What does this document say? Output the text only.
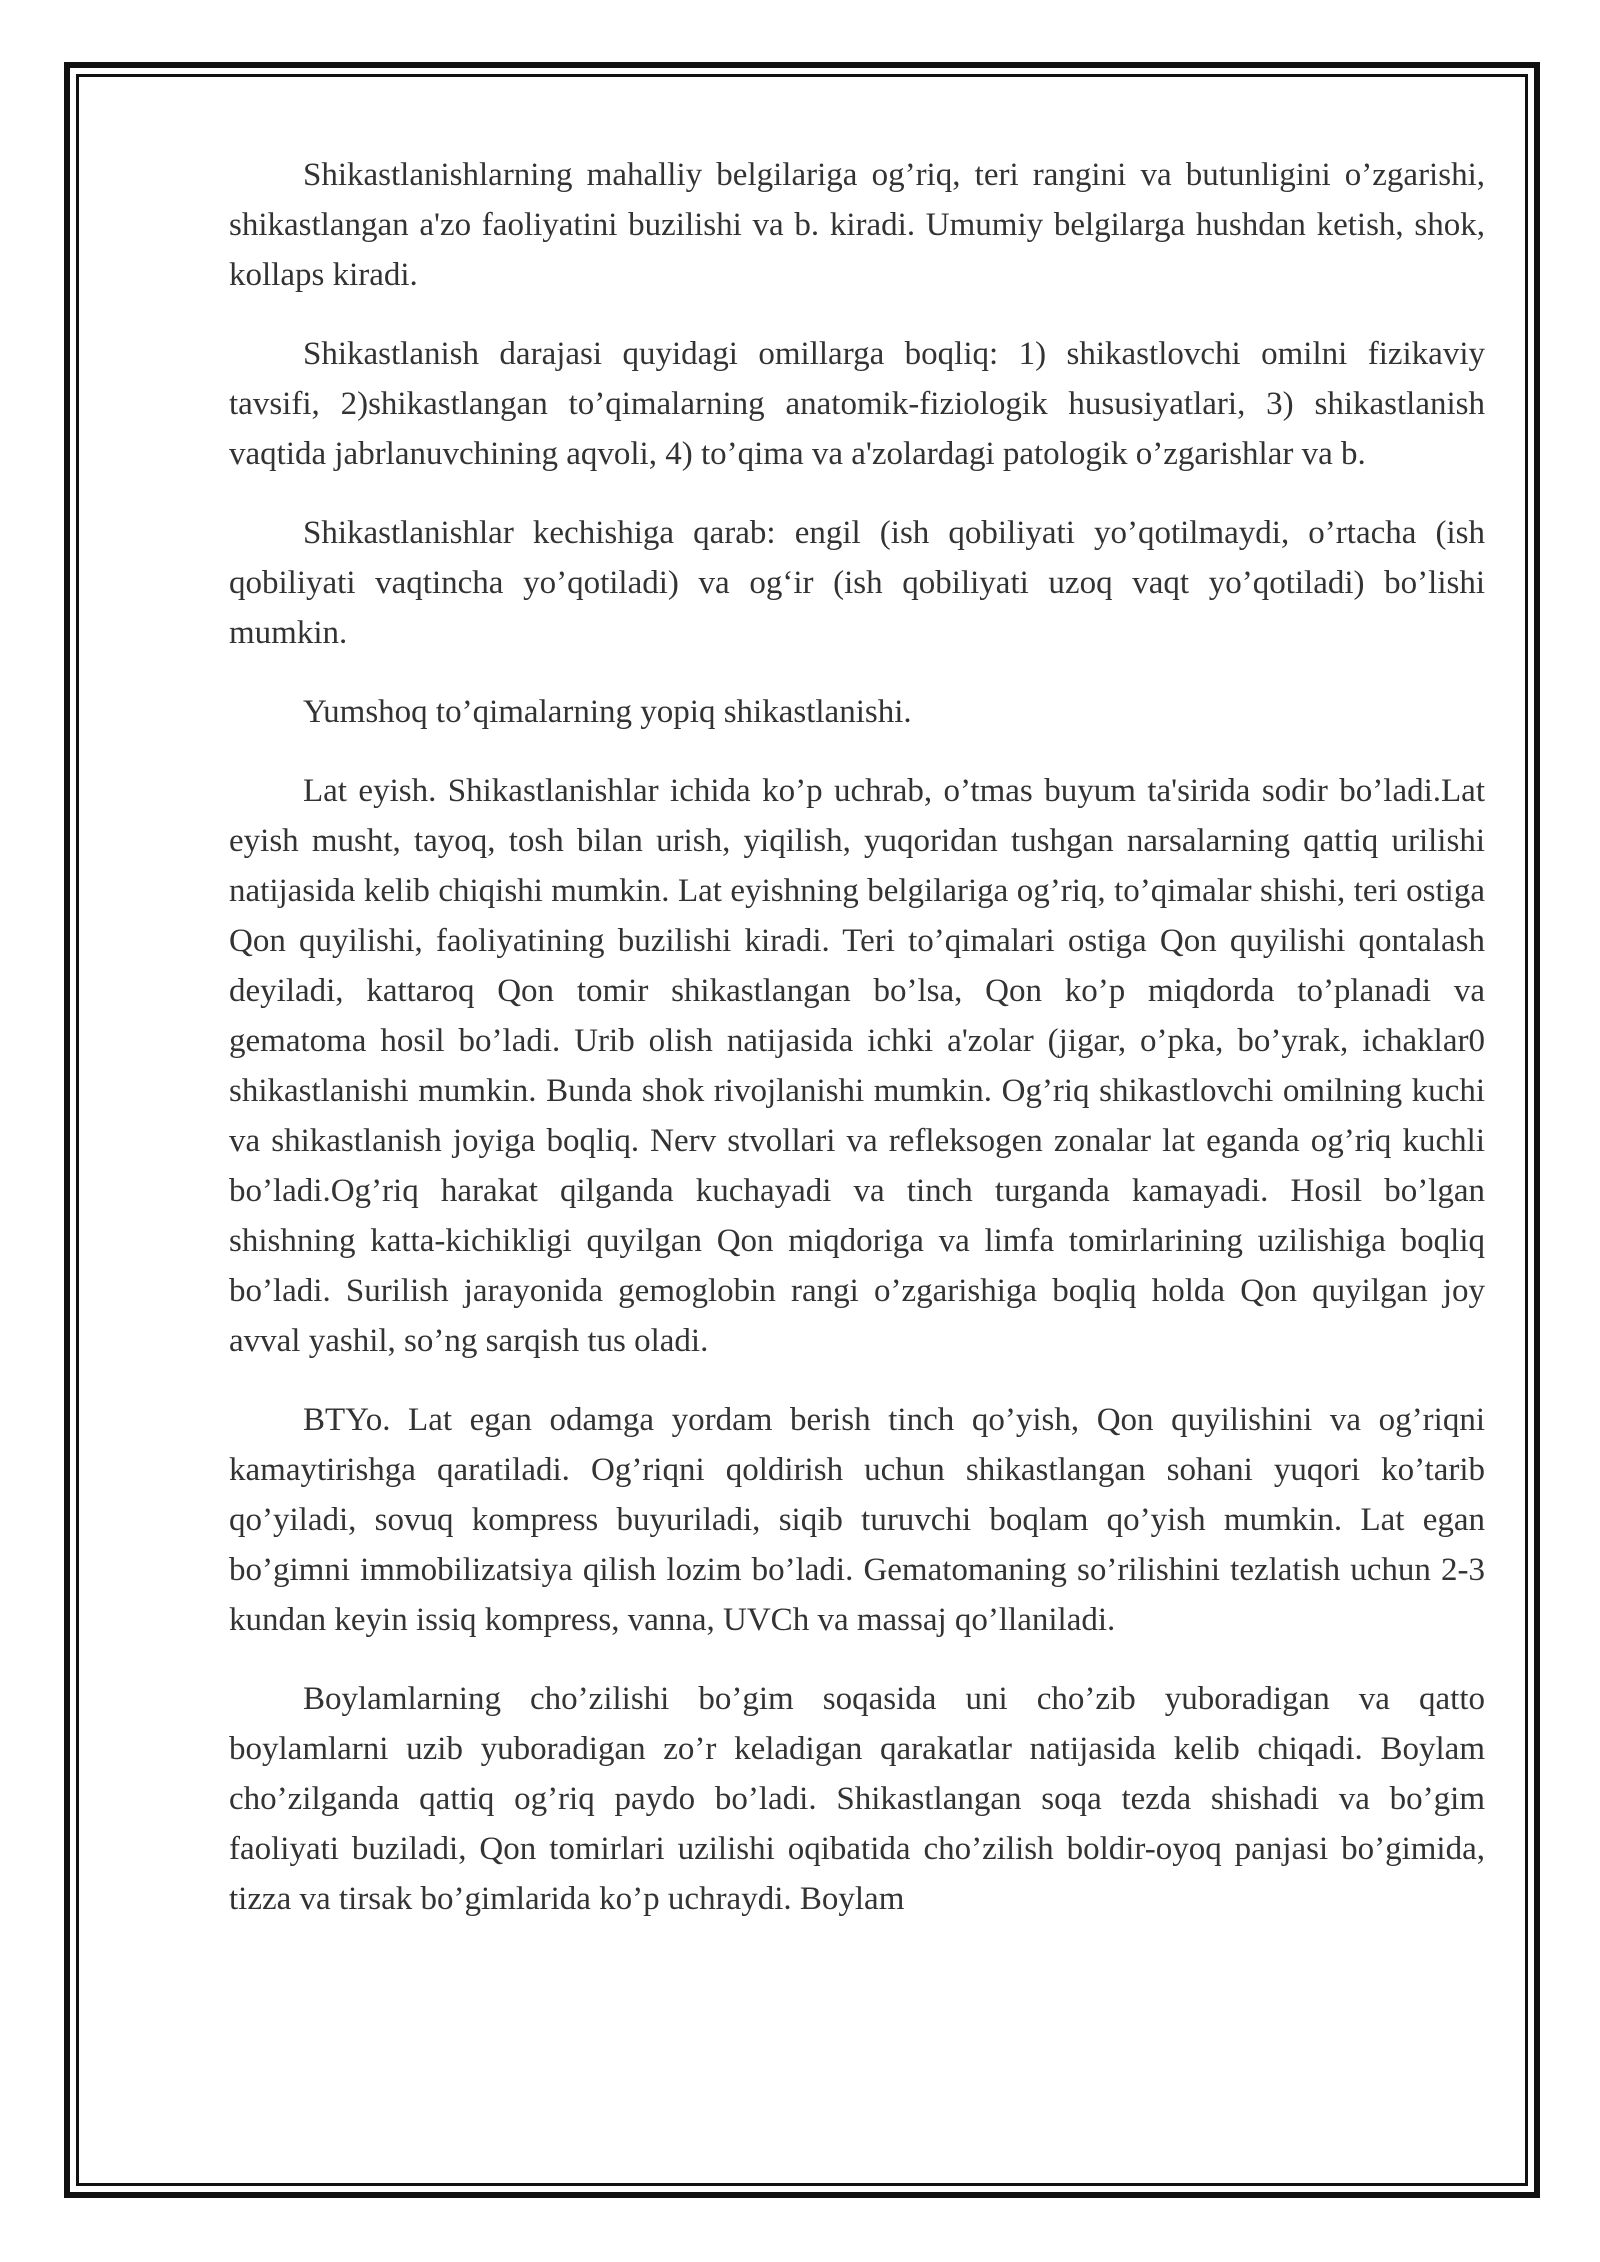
Shikastlanishlarning mahalliy belgilariga og’riq, teri rangini va butunligini o’zgarishi, shikastlangan a'zo faoliyatini buzilishi va b. kiradi. Umumiy belgilarga hushdan ketish, shok, kollaps kiradi.

Shikastlanish darajasi quyidagi omillarga boqliq: 1) shikastlovchi omilni fizikaviy tavsifi, 2)shikastlangan to’qimalarning anatomik-fiziologik hususiyatlari, 3) shikastlanish vaqtida jabrlanuvchining aqvoli, 4) to’qima va a'zolardagi patologik o’zgarishlar va b.

Shikastlanishlar kechishiga qarab: engil (ish qobiliyati yo’qotilmaydi, o’rtacha (ish qobiliyati vaqtincha yo’qotiladi) va og‘ir (ish qobiliyati uzoq vaqt yo’qotiladi) bo’lishi mumkin.

Yumshoq to’qimalarning yopiq shikastlanishi.

Lat eyish. Shikastlanishlar ichida ko’p uchrab, o’tmas buyum ta'sirida sodir bo’ladi.Lat eyish musht, tayoq, tosh bilan urish, yiqilish, yuqoridan tushgan narsalarning qattiq urilishi natijasida kelib chiqishi mumkin. Lat eyishning belgilariga og’riq, to’qimalar shishi, teri ostiga Qon quyilishi, faoliyatining buzilishi kiradi. Teri to’qimalari ostiga Qon quyilishi qontalash deyiladi, kattaroq Qon tomir shikastlangan bo’lsa, Qon ko’p miqdorda to’planadi va gematoma hosil bo’ladi. Urib olish natijasida ichki a'zolar (jigar, o’pka, bo’yrak, ichaklar0 shikastlanishi mumkin. Bunda shok rivojlanishi mumkin. Og’riq shikastlovchi omilning kuchi va shikastlanish joyiga boqliq. Nerv stvollari va refleksogen zonalar lat eganda og’riq kuchli bo’ladi.Og’riq harakat qilganda kuchayadi va tinch turganda kamayadi. Hosil bo’lgan shishning katta-kichikligi quyilgan Qon miqdoriga va limfa tomirlarining uzilishiga boqliq bo’ladi. Surilish jarayonida gemoglobin rangi o’zgarishiga boqliq holda Qon quyilgan joy avval yashil, so’ng sarqish tus oladi.

BTYo. Lat egan odamga yordam berish tinch qo’yish, Qon quyilishini va og’riqni kamaytirishga qaratiladi. Og’riqni qoldirish uchun shikastlangan sohani yuqori ko’tarib qo’yiladi, sovuq kompress buyuriladi, siqib turuvchi boqlam qo’yish mumkin. Lat egan bo’gimni immobilizatsiya qilish lozim bo’ladi. Gematomaning so’rilishini tezlatish uchun 2-3 kundan keyin issiq kompress, vanna, UVCh va massaj qo’llaniladi.

Boylamlarning cho’zilishi bo’gim soqasida uni cho’zib yuboradigan va qatto boylamlarni uzib yuboradigan zo’r keladigan qarakatlar natijasida kelib chiqadi. Boylam cho’zilganda qattiq og’riq paydo bo’ladi. Shikastlangan soqa tezda shishadi va bo’gim faoliyati buziladi, Qon tomirlari uzilishi oqibatida cho’zilish boldir-oyoq panjasi bo’gimida, tizza va tirsak bo’gimlarida ko’p uchraydi. Boylam
